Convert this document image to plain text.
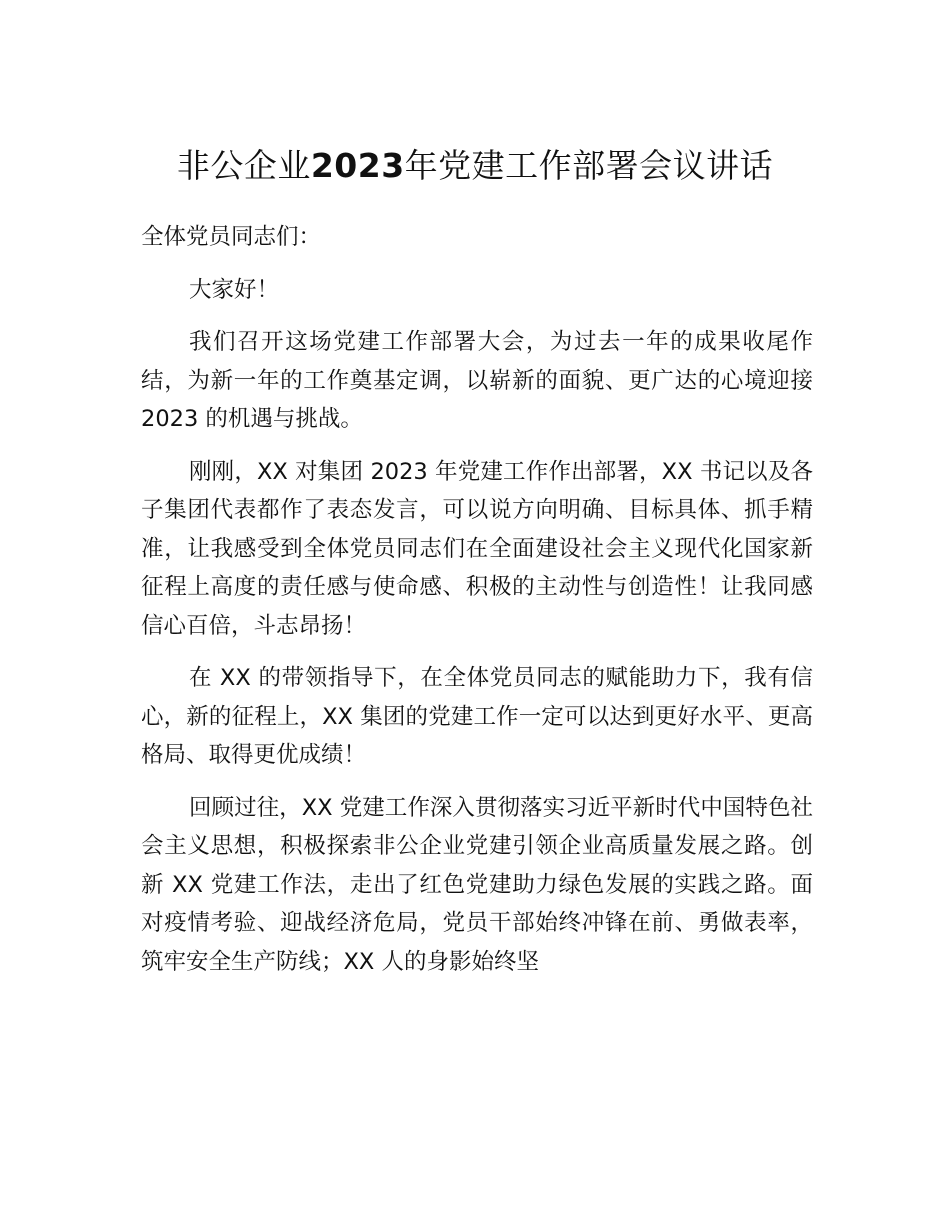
非公企业2023年党建工作部署会议讲话

全体党员同志们：

大家好！

我们召开这场党建工作部署大会，为过去一年的成果收尾作结，为新一年的工作奠基定调，以崭新的面貌、更广达的心境迎接 2023 的机遇与挑战。

刚刚，XX 对集团 2023 年党建工作作出部署，XX 书记以及各子集团代表都作了表态发言，可以说方向明确、目标具体、抓手精准，让我感受到全体党员同志们在全面建设社会主义现代化国家新征程上高度的责任感与使命感、积极的主动性与创造性！让我同感信心百倍，斗志昂扬！

在 XX 的带领指导下，在全体党员同志的赋能助力下，我有信心，新的征程上，XX 集团的党建工作一定可以达到更好水平、更高格局、取得更优成绩！

回顾过往，XX 党建工作深入贯彻落实习近平新时代中国特色社会主义思想，积极探索非公企业党建引领企业高质量发展之路。创新 XX 党建工作法，走出了红色党建助力绿色发展的实践之路。面对疫情考验、迎战经济危局，党员干部始终冲锋在前、勇做表率，筑牢安全生产防线；XX 人的身影始终坚
